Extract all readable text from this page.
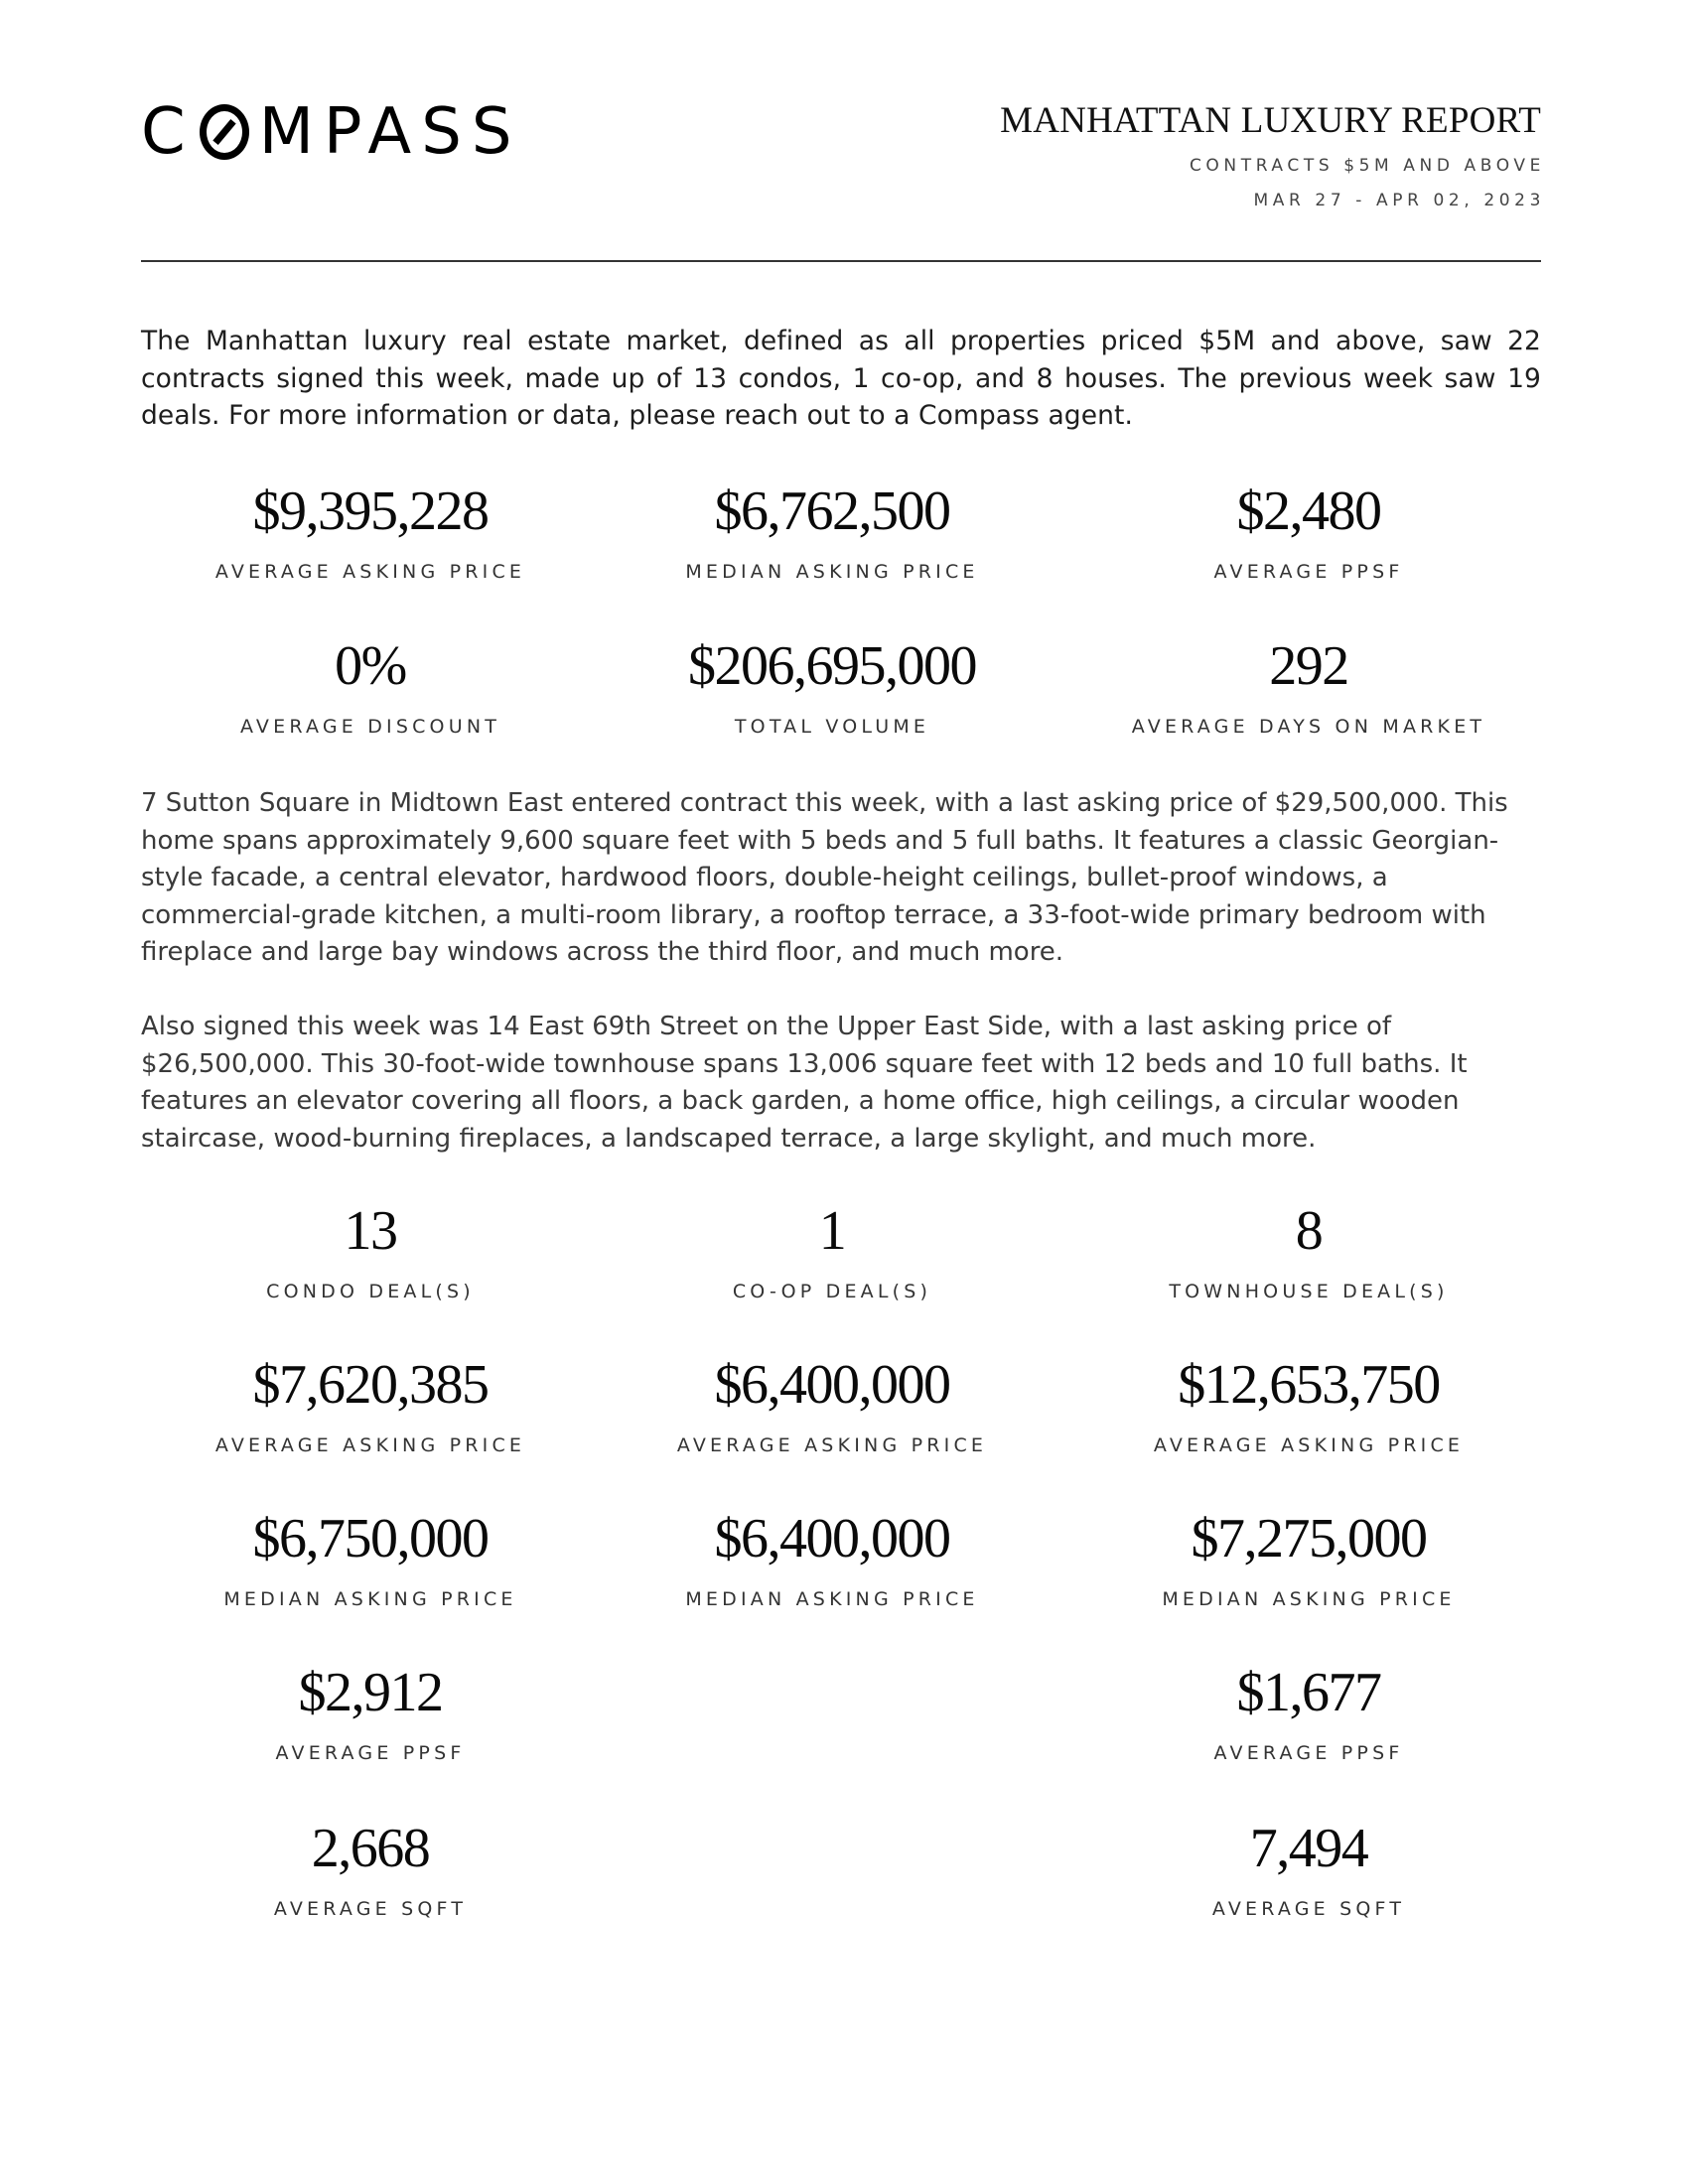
C MPASS	MANHATTAN LUXURY REPORT
CONTRACTS $5M AND ABOVE
MAR 27 - APR 02, 2023

The Manhattan luxury real estate market, defined as all properties priced $5M and above, saw 22 contracts signed this week, made up of 13 condos, 1 co-op, and 8 houses. The previous week saw 19 deals. For more information or data, please reach out to a Compass agent.

$9,395,228
AVERAGE ASKING PRICE
$6,762,500
MEDIAN ASKING PRICE
$2,480
AVERAGE PPSF
0%
AVERAGE DISCOUNT
$206,695,000
TOTAL VOLUME
292
AVERAGE DAYS ON MARKET

7 Sutton Square in Midtown East entered contract this week, with a last asking price of $29,500,000. This home spans approximately 9,600 square feet with 5 beds and 5 full baths. It features a classic Georgian-style facade, a central elevator, hardwood floors, double-height ceilings, bullet-proof windows, a commercial-grade kitchen, a multi-room library, a rooftop terrace, a 33-foot-wide primary bedroom with fireplace and large bay windows across the third floor, and much more.

Also signed this week was 14 East 69th Street on the Upper East Side, with a last asking price of $26,500,000. This 30-foot-wide townhouse spans 13,006 square feet with 12 beds and 10 full baths. It features an elevator covering all floors, a back garden, a home office, high ceilings, a circular wooden staircase, wood-burning fireplaces, a landscaped terrace, a large skylight, and much more.

13
CONDO DEAL(S)
1
CO-OP DEAL(S)
8
TOWNHOUSE DEAL(S)
$7,620,385
AVERAGE ASKING PRICE
$6,400,000
AVERAGE ASKING PRICE
$12,653,750
AVERAGE ASKING PRICE
$6,750,000
MEDIAN ASKING PRICE
$6,400,000
MEDIAN ASKING PRICE
$7,275,000
MEDIAN ASKING PRICE
$2,912
AVERAGE PPSF
$1,677
AVERAGE PPSF
2,668
AVERAGE SQFT
7,494
AVERAGE SQFT
